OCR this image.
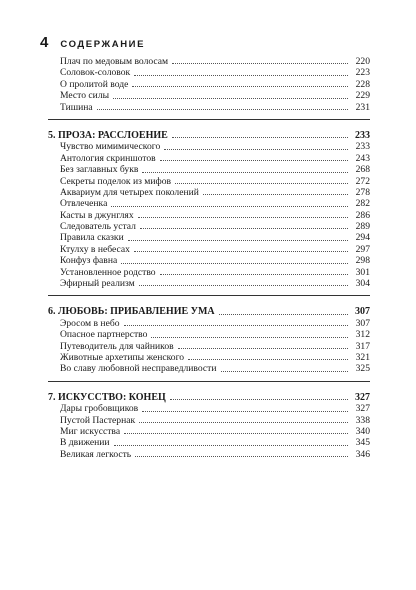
4 СОДЕРЖАНИЕ
Плач по медовым волосам	220
Соловок-соловок	223
О пролитой воде	228
Место силы	229
Тишина	231
5. ПРОЗА: РАССЛОЕНИЕ	233
Чувство мимимического	233
Антология скриншотов	243
Без заглавных букв	268
Секреты поделок из мифов	272
Аквариум для четырех поколений	278
Отвлеченка	282
Касты в джунглях	286
Следователь устал	289
Правила сказки	294
Ктулху в небесах	297
Конфуз фавна	298
Установленное родство	301
Эфирный реализм	304
6. ЛЮБОВЬ: ПРИБАВЛЕНИЕ УМА	307
Эросом в небо	307
Опасное партнерство	312
Путеводитель для чайников	317
Животные архетипы женского	321
Во славу любовной несправедливости	325
7. ИСКУССТВО: КОНЕЦ	327
Дары гробовщиков	327
Пустой Пастернак	338
Миг искусства	340
В движении	345
Великая легкость	346
